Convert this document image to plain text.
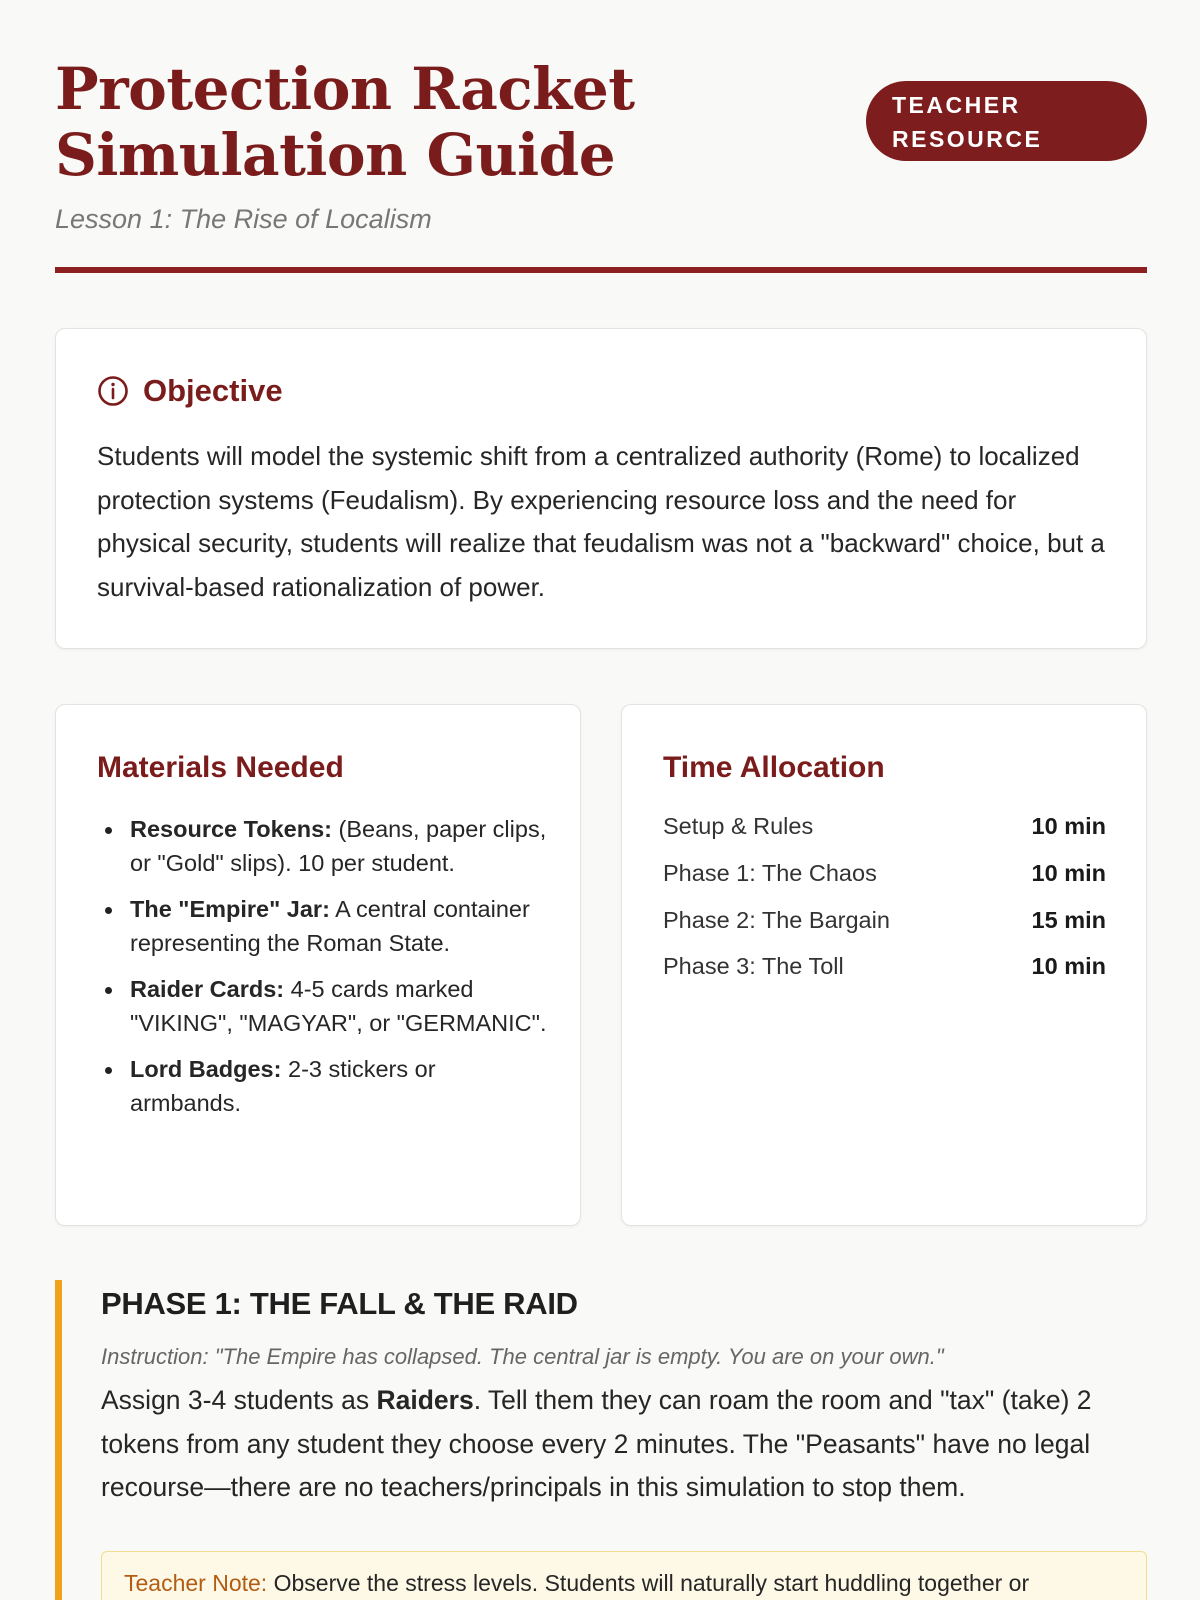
Protection Racket
Simulation Guide
Lesson 1: The Rise of Localism
TEACHER
RESOURCE
Objective

Students will model the systemic shift from a centralized authority (Rome) to localized protection systems (Feudalism). By experiencing resource loss and the need for physical security, students will realize that feudalism was not a "backward" choice, but a survival-based rationalization of power.

Materials Needed
Resource Tokens: (Beans, paper clips, or "Gold" slips). 10 per student.
The "Empire" Jar: A central container representing the Roman State.
Raider Cards: 4-5 cards marked "VIKING", "MAGYAR", or "GERMANIC".
Lord Badges: 2-3 stickers or armbands.
Time Allocation
Setup & Rules	10 min
Phase 1: The Chaos	10 min
Phase 2: The Bargain	15 min
Phase 3: The Toll	10 min
PHASE 1: THE FALL & THE RAID

Instruction: "The Empire has collapsed. The central jar is empty. You are on your own."

Assign 3-4 students as Raiders. Tell them they can roam the room and "tax" (take) 2 tokens from any student they choose every 2 minutes. The "Peasants" have no legal recourse—there are no teachers/principals in this simulation to stop them.

Teacher Note: Observe the stress levels. Students will naturally start huddling together or
